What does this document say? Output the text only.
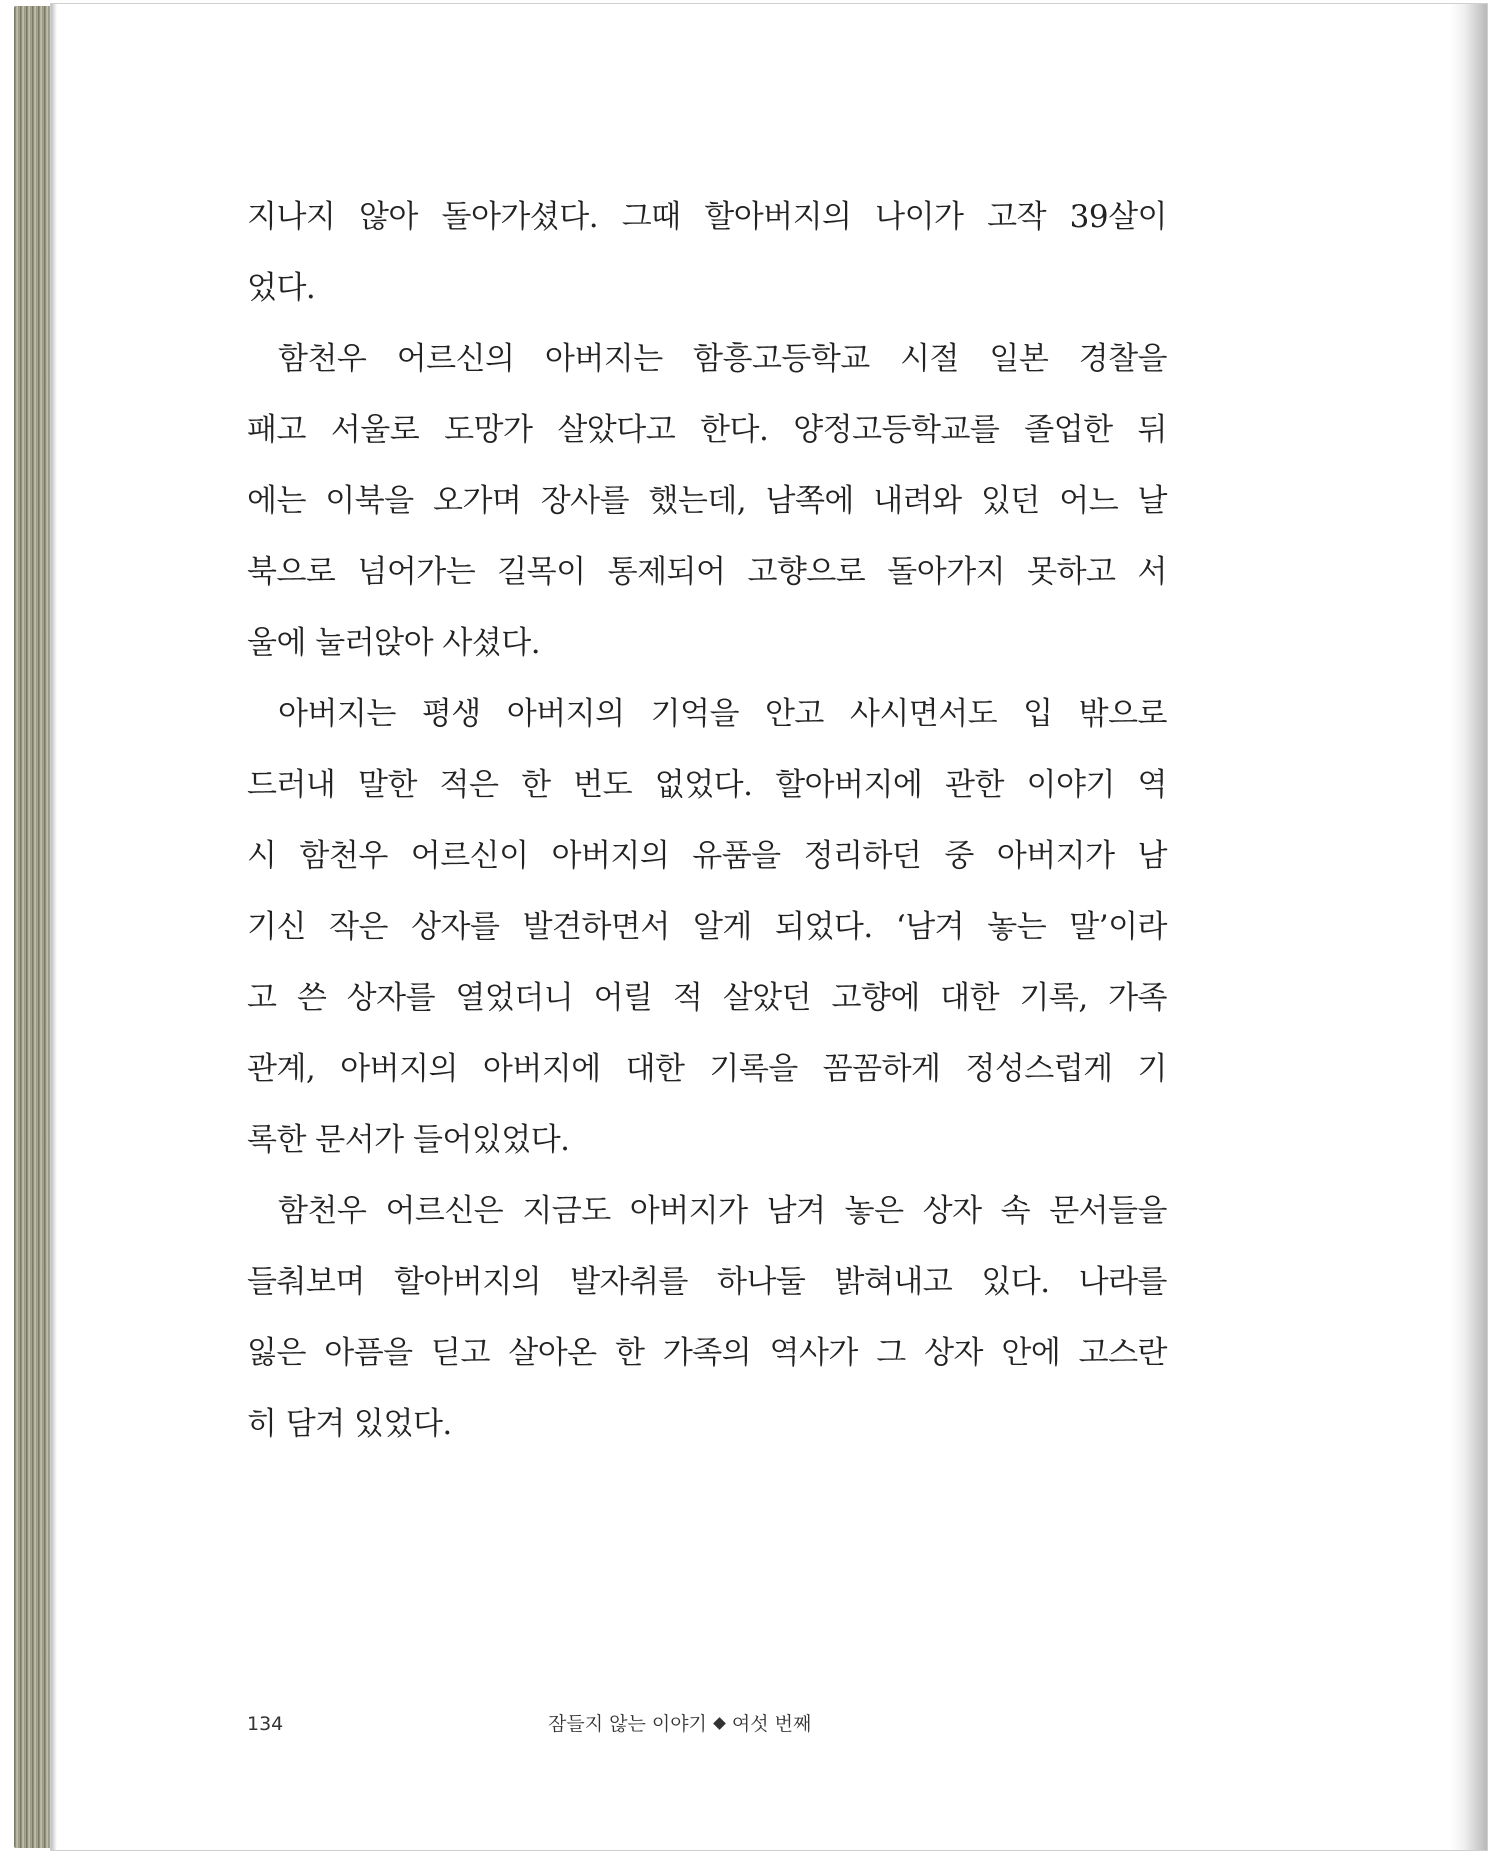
지나지 않아 돌아가셨다. 그때 할아버지의 나이가 고작 39살이
었다.
함천우 어르신의 아버지는 함흥고등학교 시절 일본 경찰을
패고 서울로 도망가 살았다고 한다. 양정고등학교를 졸업한 뒤
에는 이북을 오가며 장사를 했는데, 남쪽에 내려와 있던 어느 날
북으로 넘어가는 길목이 통제되어 고향으로 돌아가지 못하고 서
울에 눌러앉아 사셨다.
아버지는 평생 아버지의 기억을 안고 사시면서도 입 밖으로
드러내 말한 적은 한 번도 없었다. 할아버지에 관한 이야기 역
시 함천우 어르신이 아버지의 유품을 정리하던 중 아버지가 남
기신 작은 상자를 발견하면서 알게 되었다. ‘남겨 놓는 말’이라
고 쓴 상자를 열었더니 어릴 적 살았던 고향에 대한 기록, 가족
관계, 아버지의 아버지에 대한 기록을 꼼꼼하게 정성스럽게 기
록한 문서가 들어있었다.
함천우 어르신은 지금도 아버지가 남겨 놓은 상자 속 문서들을
들춰보며 할아버지의 발자취를 하나둘 밝혀내고 있다. 나라를
잃은 아픔을 딛고 살아온 한 가족의 역사가 그 상자 안에 고스란
히 담겨 있었다.
134	잠들지 않는 이야기 여섯 번째
